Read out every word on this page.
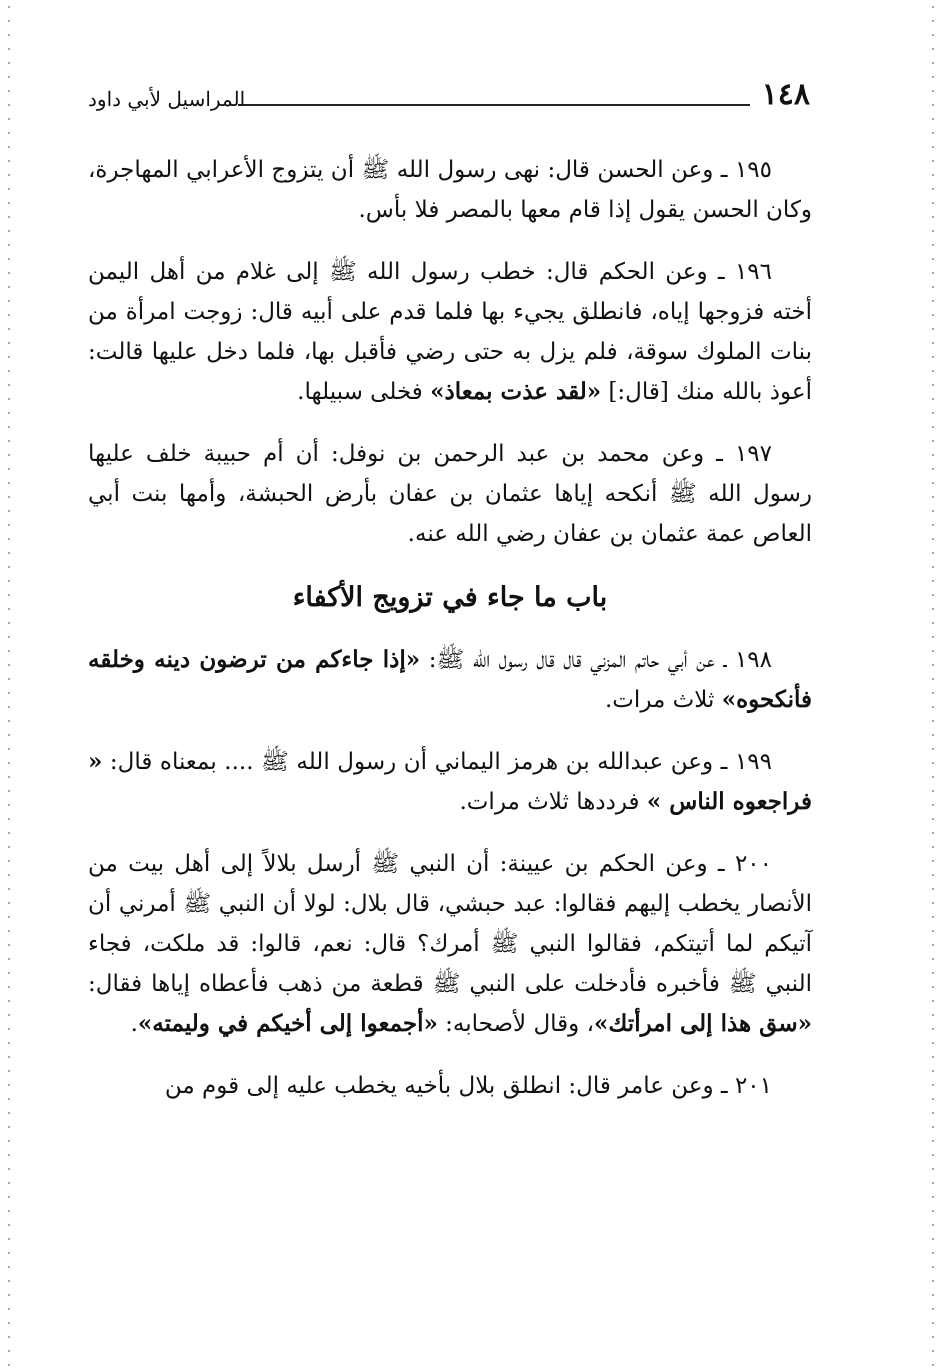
١٤٨
المراسيل لأبي داود

١٩٥ ـ وعن الحسن قال: نهى رسول الله ﷺ أن يتزوج الأعرابي المهاجرة، وكان الحسن يقول إذا قام معها بالمصر فلا بأس.

١٩٦ ـ وعن الحكم قال: خطب رسول الله ﷺ إلى غلام من أهل اليمن أخته فزوجها إياه، فانطلق يجيء بها فلما قدم على أبيه قال: زوجت امرأة من بنات الملوك سوقة، فلم يزل به حتى رضي فأقبل بها، فلما دخل عليها قالت: أعوذ بالله منك [قال:] «لقد عذت بمعاذ» فخلى سبيلها.

١٩٧ ـ وعن محمد بن عبد الرحمن بن نوفل: أن أم حبيبة خلف عليها رسول الله ﷺ أنكحه إياها عثمان بن عفان بأرض الحبشة، وأمها بنت أبي العاص عمة عثمان بن عفان رضي الله عنه.

باب ما جاء في تزويج الأكفاء

١٩٨ ـ عن أبي حاتم المزني قال قال رسول الله ﷺ: «إذا جاءكم من ترضون دينه وخلقه فأنكحوه» ثلاث مرات.

١٩٩ ـ وعن عبدالله بن هرمز اليماني أن رسول الله ﷺ .... بمعناه قال: « فراجعوه الناس » فرددها ثلاث مرات.

٢٠٠ ـ وعن الحكم بن عيينة: أن النبي ﷺ أرسل بلالاً إلى أهل بيت من الأنصار يخطب إليهم فقالوا: عبد حبشي، قال بلال: لولا أن النبي ﷺ أمرني أن آتيكم لما أتيتكم، فقالوا النبي ﷺ أمرك؟ قال: نعم، قالوا: قد ملكت، فجاء النبي ﷺ فأخبره فأدخلت على النبي ﷺ قطعة من ذهب فأعطاه إياها فقال: «سق هذا إلى امرأتك»، وقال لأصحابه: «أجمعوا إلى أخيكم في وليمته».

٢٠١ ـ وعن عامر قال: انطلق بلال بأخيه يخطب عليه إلى قوم من
